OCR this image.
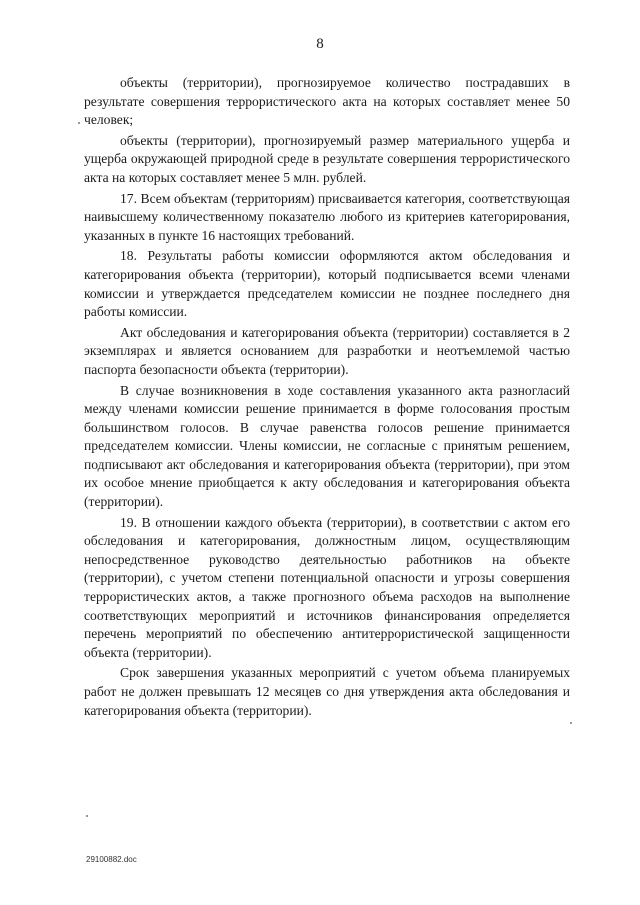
8

объекты (территории), прогнозируемое количество пострадавших в результате совершения террористического акта на которых составляет менее 50 человек;

объекты (территории), прогнозируемый размер материального ущерба и ущерба окружающей природной среде в результате совершения террористического акта на которых составляет менее 5 млн. рублей.

17. Всем объектам (территориям) присваивается категория, соответствующая наивысшему количественному показателю любого из критериев категорирования, указанных в пункте 16 настоящих требований.

18. Результаты работы комиссии оформляются актом обследования и категорирования объекта (территории), который подписывается всеми членами комиссии и утверждается председателем комиссии не позднее последнего дня работы комиссии.

Акт обследования и категорирования объекта (территории) составляется в 2 экземплярах и является основанием для разработки и неотъемлемой частью паспорта безопасности объекта (территории).

В случае возникновения в ходе составления указанного акта разногласий между членами комиссии решение принимается в форме голосования простым большинством голосов. В случае равенства голосов решение принимается председателем комиссии. Члены комиссии, не согласные с принятым решением, подписывают акт обследования и категорирования объекта (территории), при этом их особое мнение приобщается к акту обследования и категорирования объекта (территории).

19. В отношении каждого объекта (территории), в соответствии с актом его обследования и категорирования, должностным лицом, осуществляющим непосредственное руководство деятельностью работников на объекте (территории), с учетом степени потенциальной опасности и угрозы совершения террористических актов, а также прогнозного объема расходов на выполнение соответствующих мероприятий и источников финансирования определяется перечень мероприятий по обеспечению антитеррористической защищенности объекта (территории).

Срок завершения указанных мероприятий с учетом объема планируемых работ не должен превышать 12 месяцев со дня утверждения акта обследования и категорирования объекта (территории).

29100882.doc
